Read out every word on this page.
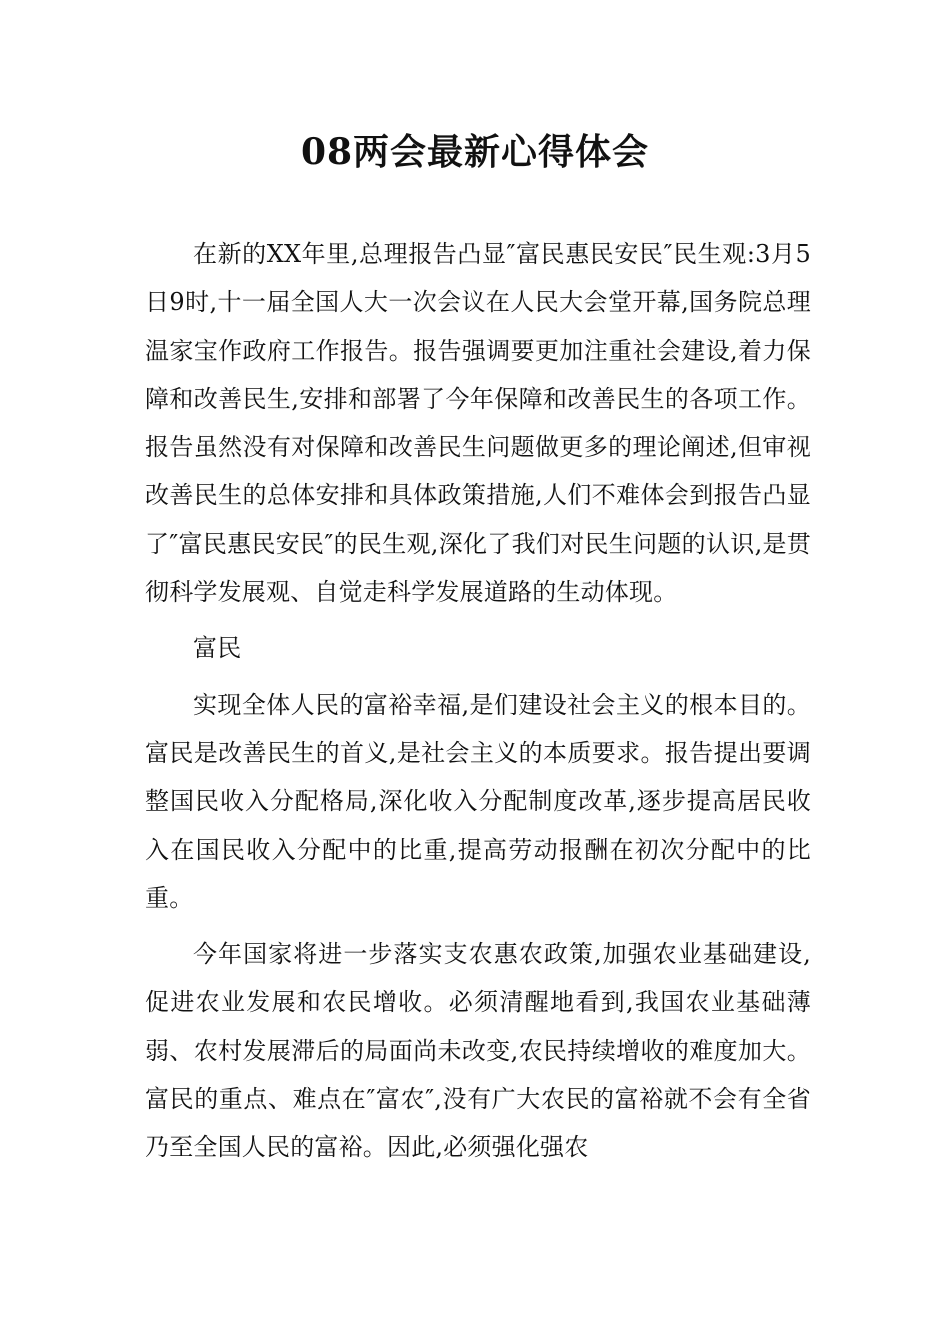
08两会最新心得体会

在新的XX年里,总理报告凸显″富民惠民安民″民生观:3月5日9时,十一届全国人大一次会议在人民大会堂开幕,国务院总理温家宝作政府工作报告。报告强调要更加注重社会建设,着力保障和改善民生,安排和部署了今年保障和改善民生的各项工作。报告虽然没有对保障和改善民生问题做更多的理论阐述,但审视改善民生的总体安排和具体政策措施,人们不难体会到报告凸显了″富民惠民安民″的民生观,深化了我们对民生问题的认识,是贯彻科学发展观、自觉走科学发展道路的生动体现。

富民

实现全体人民的富裕幸福,是们建设社会主义的根本目的。富民是改善民生的首义,是社会主义的本质要求。报告提出要调整国民收入分配格局,深化收入分配制度改革,逐步提高居民收入在国民收入分配中的比重,提高劳动报酬在初次分配中的比重。

今年国家将进一步落实支农惠农政策,加强农业基础建设,促进农业发展和农民增收。必须清醒地看到,我国农业基础薄弱、农村发展滞后的局面尚未改变,农民持续增收的难度加大。富民的重点、难点在″富农″,没有广大农民的富裕就不会有全省乃至全国人民的富裕。因此,必须强化强农
